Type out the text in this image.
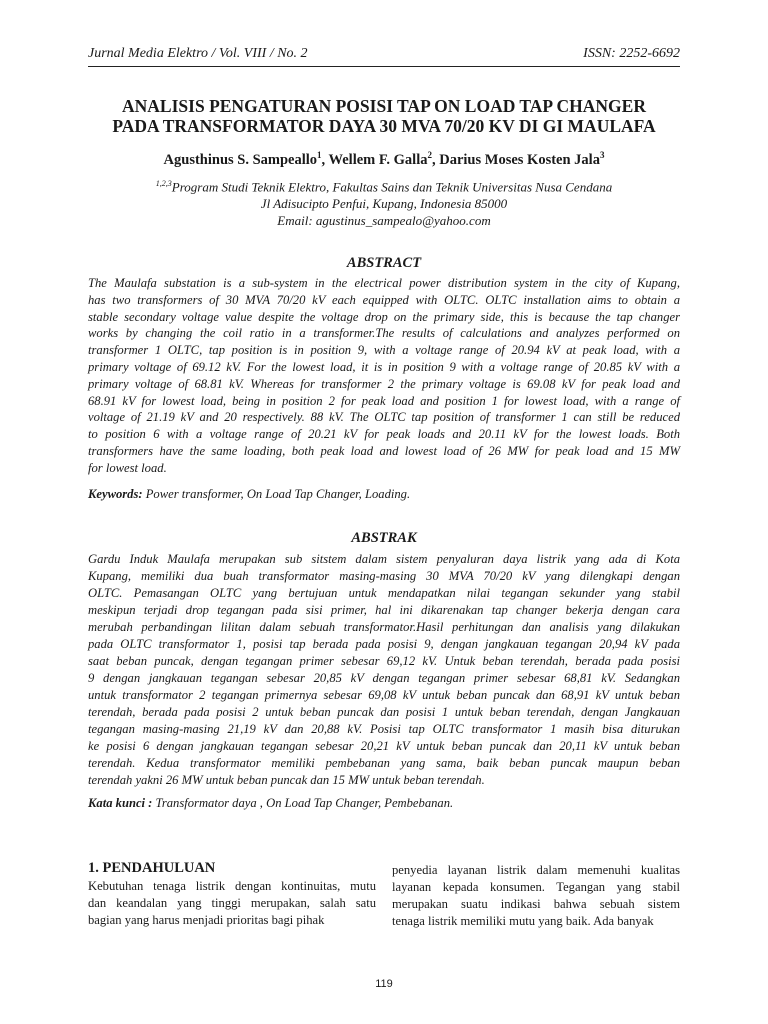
Jurnal Media Elektro / Vol. VIII / No. 2	ISSN: 2252-6692
ANALISIS PENGATURAN POSISI TAP ON LOAD TAP CHANGER
PADA TRANSFORMATOR DAYA 30 MVA 70/20 KV DI GI MAULAFA
Agusthinus S. Sampeallo$^1$, Wellem F. Galla$^2$, Darius Moses Kosten Jala$^3$
$^{1,2,3}$Program Studi Teknik Elektro, Fakultas Sains dan Teknik Universitas Nusa Cendana
Jl Adisucipto Penfui, Kupang, Indonesia 85000
Email: agustinus_sampealo@yahoo.com
ABSTRACT
The Maulafa substation is a sub-system in the electrical power distribution system in the city of Kupang,
has two transformers of 30 MVA 70/20 kV each equipped with OLTC. OLTC installation aims to obtain a
stable secondary voltage value despite the voltage drop on the primary side, this is because the tap changer
works by changing the coil ratio in a transformer.The results of calculations and analyzes performed on
transformer 1 OLTC, tap position is in position 9, with a voltage range of 20.94 kV at peak load, with a
primary voltage of 69.12 kV. For the lowest load, it is in position 9 with a voltage range of 20.85 kV with a
primary voltage of 68.81 kV. Whereas for transformer 2 the primary voltage is 69.08 kV for peak load and
68.91 kV for lowest load, being in position 2 for peak load and position 1 for lowest load, with a range of
voltage of 21.19 kV and 20 respectively. 88 kV. The OLTC tap position of transformer 1 can still be reduced
to position 6 with a voltage range of 20.21 kV for peak loads and 20.11 kV for the lowest loads. Both
transformers have the same loading, both peak load and lowest load of 26 MW for peak load and 15 MW
for lowest load.
Keywords: Power transformer, On Load Tap Changer, Loading.
ABSTRAK
Gardu Induk Maulafa merupakan sub sitstem dalam sistem penyaluran daya listrik yang ada di Kota
Kupang, memiliki dua buah transformator masing-masing 30 MVA 70/20 kV yang dilengkapi dengan
OLTC. Pemasangan OLTC yang bertujuan untuk mendapatkan nilai tegangan sekunder yang stabil
meskipun terjadi drop tegangan pada sisi primer, hal ini dikarenakan tap changer bekerja dengan cara
merubah perbandingan lilitan dalam sebuah transformator.Hasil perhitungan dan analisis yang dilakukan
pada OLTC transformator 1, posisi tap berada pada posisi 9, dengan jangkauan tegangan 20,94 kV pada
saat beban puncak, dengan tegangan primer sebesar 69,12 kV. Untuk beban terendah, berada pada posisi
9 dengan jangkauan tegangan sebesar 20,85 kV dengan tegangan primer sebesar 68,81 kV. Sedangkan
untuk transformator 2 tegangan primernya sebesar 69,08 kV untuk beban puncak dan 68,91 kV untuk beban
terendah, berada pada posisi 2 untuk beban puncak dan posisi 1 untuk beban terendah, dengan Jangkauan
tegangan masing-masing 21,19 kV dan 20,88 kV. Posisi tap OLTC transformator 1 masih bisa diturukan
ke posisi 6 dengan jangkauan tegangan sebesar 20,21 kV untuk beban puncak dan 20,11 kV untuk beban
terendah. Kedua transformator memiliki pembebanan yang sama, baik beban puncak maupun beban
terendah yakni 26 MW untuk beban puncak dan 15 MW untuk beban terendah.
Kata kunci : Transformator daya , On Load Tap Changer, Pembebanan.
1. PENDAHULUAN
Kebutuhan tenaga listrik dengan kontinuitas, mutu
dan keandalan yang tinggi merupakan, salah satu
bagian yang harus menjadi prioritas bagi pihak
penyedia layanan listrik dalam memenuhi kualitas
layanan kepada konsumen. Tegangan yang stabil
merupakan suatu indikasi bahwa sebuah sistem
tenaga listrik memiliki mutu yang baik. Ada banyak
119
